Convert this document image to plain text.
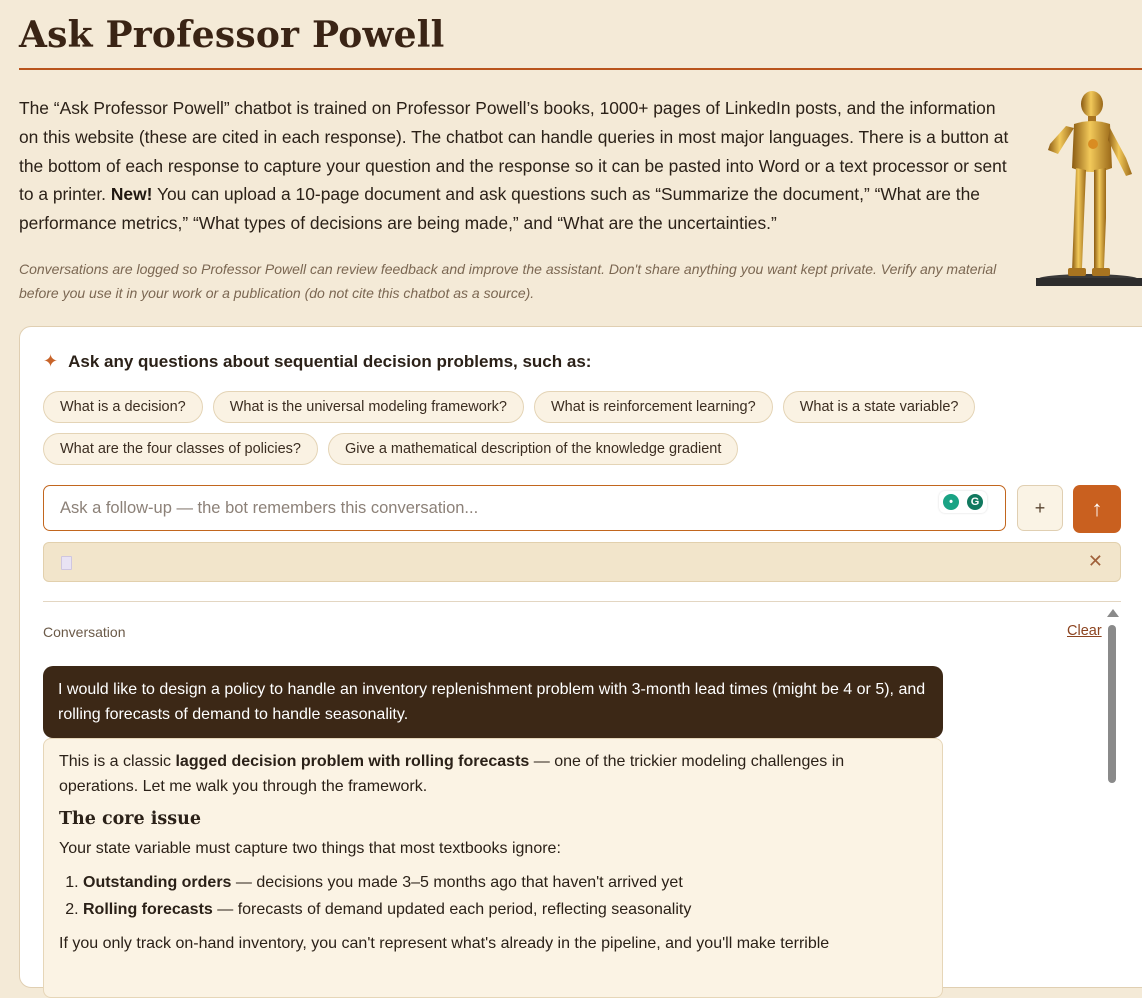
Ask Professor Powell

The “Ask Professor Powell” chatbot is trained on Professor Powell’s books, 1000+ pages of LinkedIn posts, and the information on this website (these are cited in each response). The chatbot can handle queries in most major languages. There is a button at the bottom of each response to capture your question and the response so it can be pasted into Word or a text processor or sent to a printer. New! You can upload a 10-page document and ask questions such as “Summarize the document,” “What are the performance metrics,” “What types of decisions are being made,” and “What are the uncertainties.”

Conversations are logged so Professor Powell can review feedback and improve the assistant. Don't share anything you want kept private. Verify any material before you use it in your work or a publication (do not cite this chatbot as a source).

✦ Ask any questions about sequential decision problems, such as:
What is a decision?	What is the universal modeling framework?	What is reinforcement learning?	What is a state variable?
What are the four classes of policies?	Give a mathematical description of the knowledge gradient
Ask a follow-up — the bot remembers this conversation...
•	G	+	↑
✕
Conversation	Clear
I would like to design a policy to handle an inventory replenishment problem with 3-month lead times (might be 4 or 5), and rolling forecasts of demand to handle seasonality.

This is a classic lagged decision problem with rolling forecasts — one of the trickier modeling challenges in operations. Let me walk you through the framework.

The core issue

Your state variable must capture two things that most textbooks ignore:

1. Outstanding orders — decisions you made 3–5 months ago that haven't arrived yet
2. Rolling forecasts — forecasts of demand updated each period, reflecting seasonality

If you only track on-hand inventory, you can't represent what's already in the pipeline, and you'll make terrible
